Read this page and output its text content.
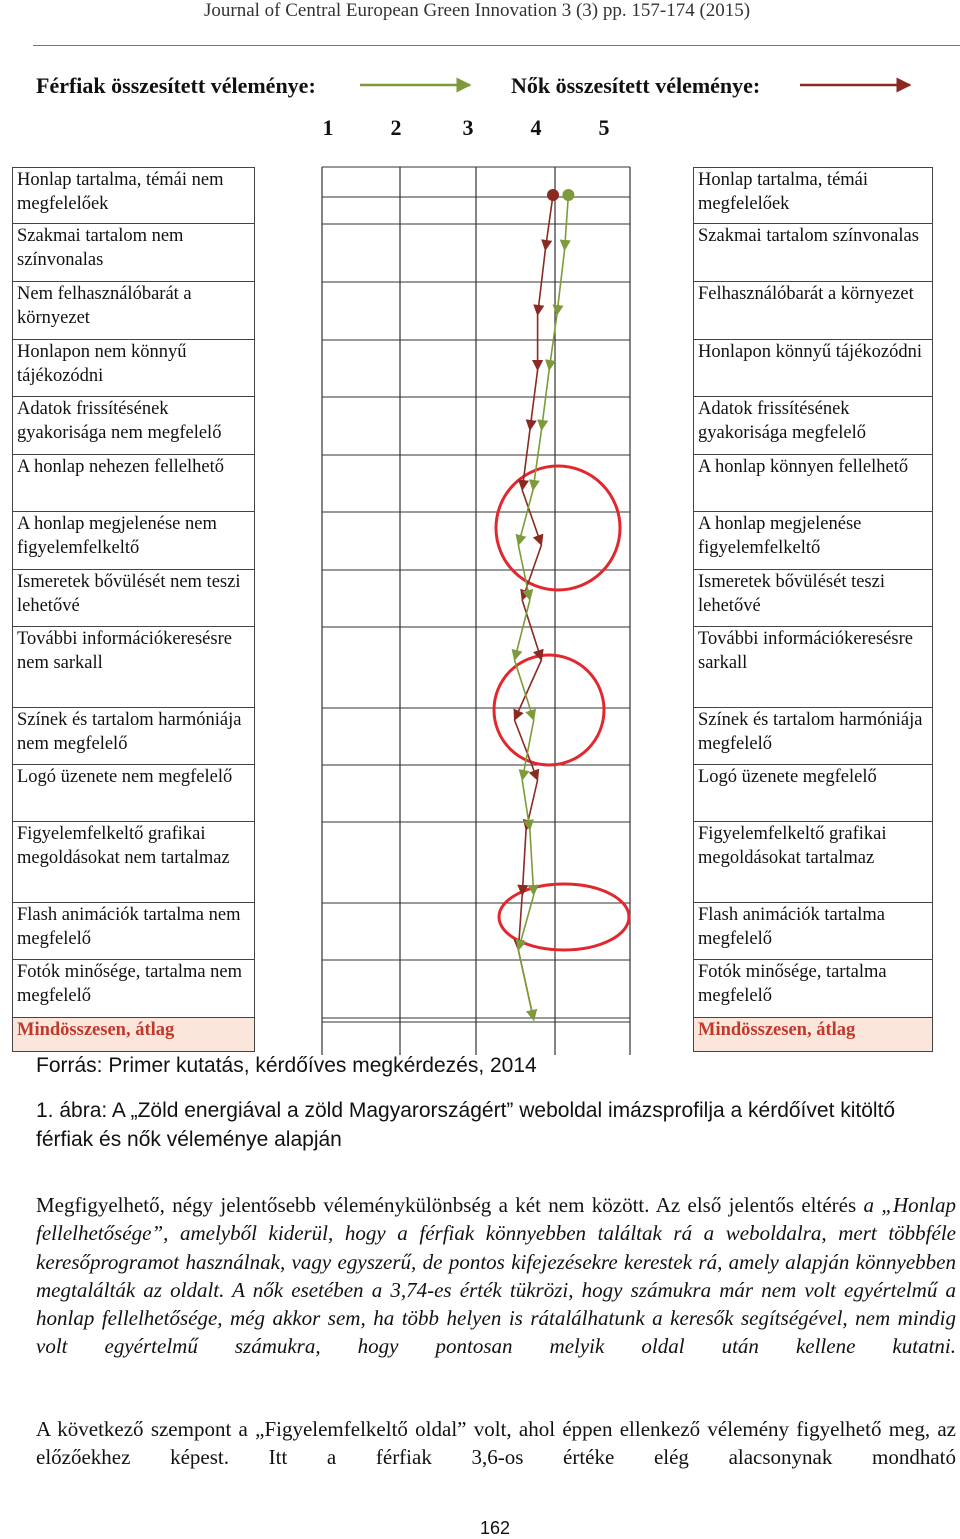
Journal of Central European Green Innovation 3 (3) pp. 157-174 (2015)
Férfiak összesített véleménye:	Nők összesített véleménye:
1	2	3	4	5
Honlap tartalma, témái nem megfelelőek
Szakmai tartalom nem színvonalas
Nem felhasználóbarát a környezet
Honlapon nem könnyű tájékozódni
Adatok frissítésének gyakorisága nem megfelelő
A honlap nehezen fellelhető
A honlap megjelenése nem figyelemfelkeltő
Ismeretek bővülését nem teszi lehetővé
További információkeresésre nem sarkall
Színek és tartalom harmóniája nem megfelelő
Logó üzenete nem megfelelő
Figyelemfelkeltő grafikai megoldásokat nem tartalmaz
Flash animációk tartalma nem megfelelő
Fotók minősége, tartalma nem megfelelő
Mindösszesen, átlag
Honlap tartalma, témái megfelelőek
Szakmai tartalom színvonalas
Felhasználóbarát a környezet
Honlapon könnyű tájékozódni
Adatok frissítésének gyakorisága megfelelő
A honlap könnyen fellelhető
A honlap megjelenése figyelemfelkeltő
Ismeretek bővülését teszi lehetővé
További információkeresésre sarkall
Színek és tartalom harmóniája megfelelő
Logó üzenete megfelelő
Figyelemfelkeltő grafikai megoldásokat tartalmaz
Flash animációk tartalma megfelelő
Fotók minősége, tartalma megfelelő
Mindösszesen, átlag
Forrás: Primer kutatás, kérdőíves megkérdezés, 2014
1. ábra: A „Zöld energiával a zöld Magyarországért” weboldal imázsprofilja a kérdőívet kitöltő férfiak és nők véleménye alapján
Megfigyelhető, négy jelentősebb véleménykülönbség a két nem között. Az első jelentős eltérés a „Honlap fellelhetősége”, amelyből kiderül, hogy a férfiak könnyebben találtak rá a weboldalra, mert többféle keresőprogramot használnak, vagy egyszerű, de pontos kifejezésekre kerestek rá, amely alapján könnyebben megtalálták az oldalt. A nők esetében a 3,74-es érték tükrözi, hogy számukra már nem volt egyértelmű a honlap fellelhetősége, még akkor sem, ha több helyen is rátalálhatunk a keresők segítségével, nem mindig volt egyértelmű számukra, hogy pontosan melyik oldal után kellene kutatni.
A következő szempont a „Figyelemfelkeltő oldal” volt, ahol éppen ellenkező vélemény figyelhető meg, az előzőekhez képest. Itt a férfiak 3,6-os értéke elég alacsonynak mondható
162
